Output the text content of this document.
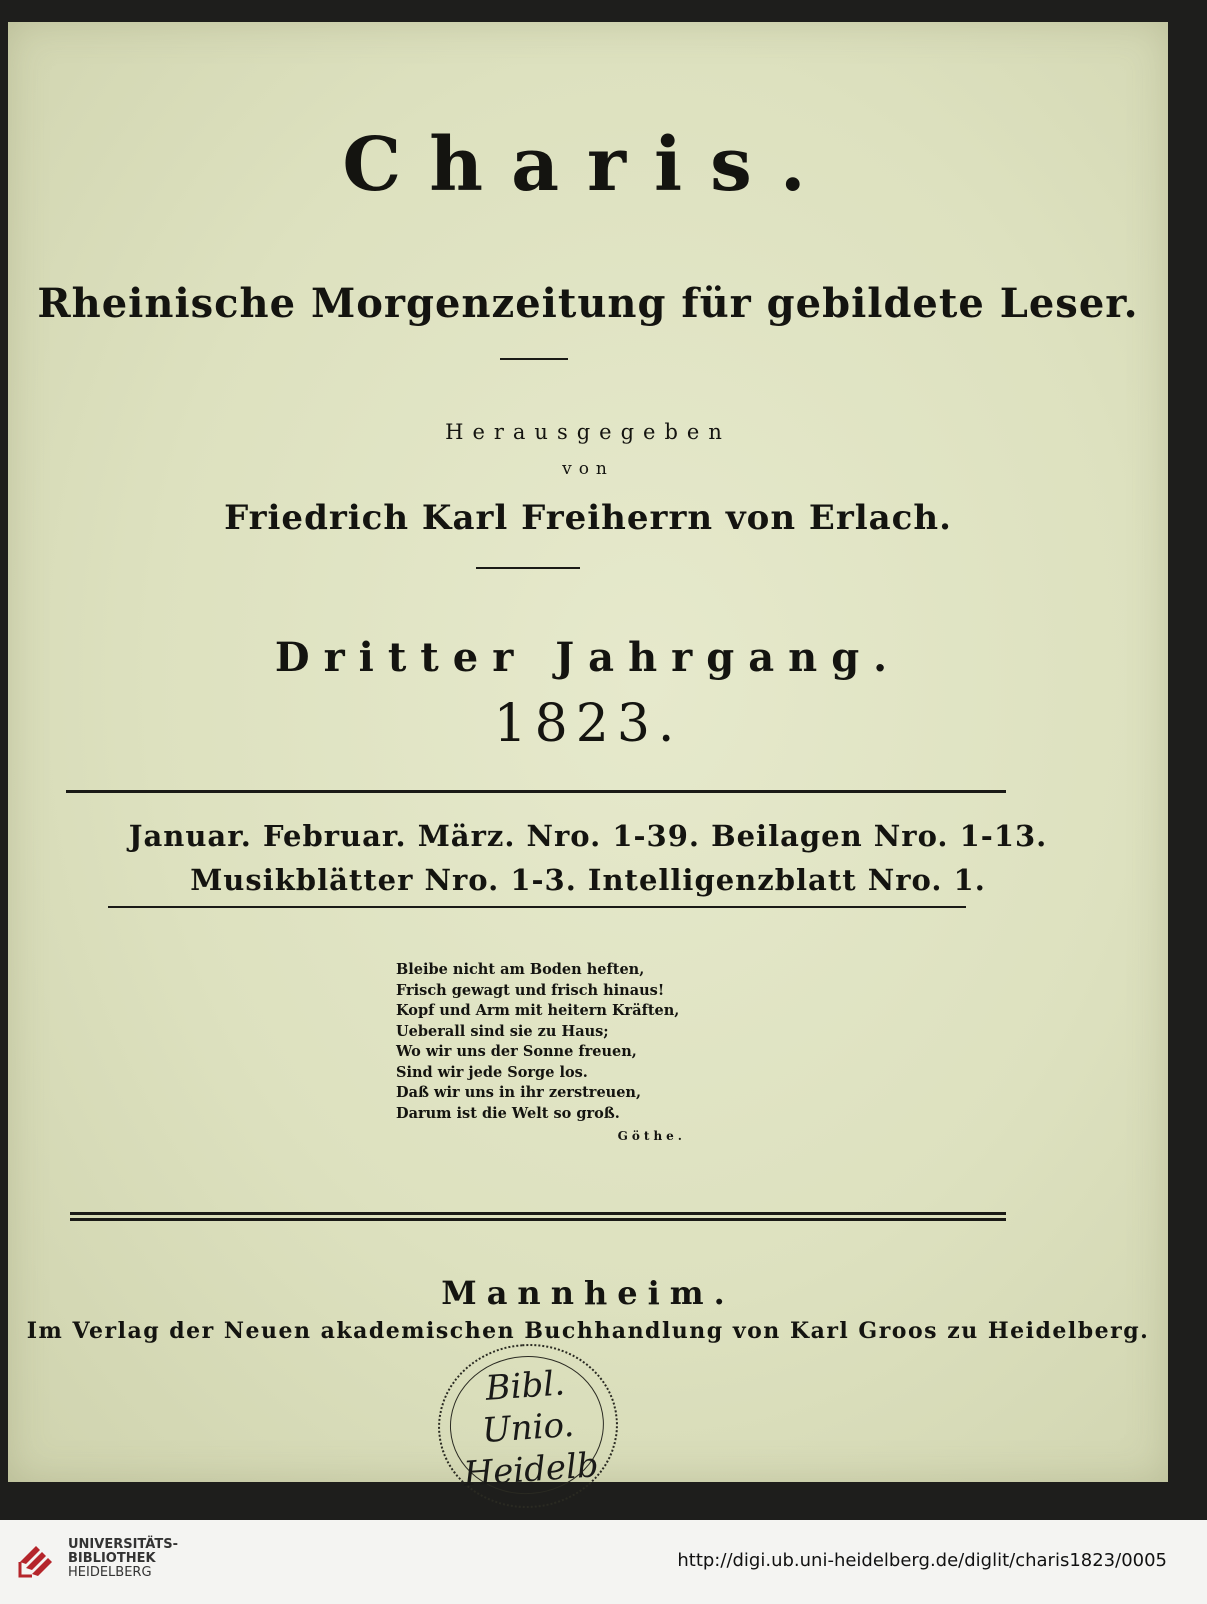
Charis.
Rheinische Morgenzeitung für gebildete Leser.
Herausgegeben
von
Friedrich Karl Freiherrn von Erlach.
Dritter Jahrgang.
1823.
Januar. Februar. März. Nro. 1-39. Beilagen Nro. 1-13.
Musikblätter Nro. 1-3. Intelligenzblatt Nro. 1.
Bleibe nicht am Boden heften,
Frisch gewagt und frisch hinaus!
Kopf und Arm mit heitern Kräften,
Ueberall sind sie zu Haus;
Wo wir uns der Sonne freuen,
Sind wir jede Sorge los.
Daß wir uns in ihr zerstreuen,
Darum ist die Welt so groß.
Göthe.
Mannheim.
Im Verlag der Neuen akademischen Buchhandlung von Karl Groos zu Heidelberg.
Bibl.
Unio.
Heidelb
UNIVERSITÄTS-
BIBLIOTHEK
HEIDELBERG
http://digi.ub.uni-heidelberg.de/diglit/charis1823/0005
